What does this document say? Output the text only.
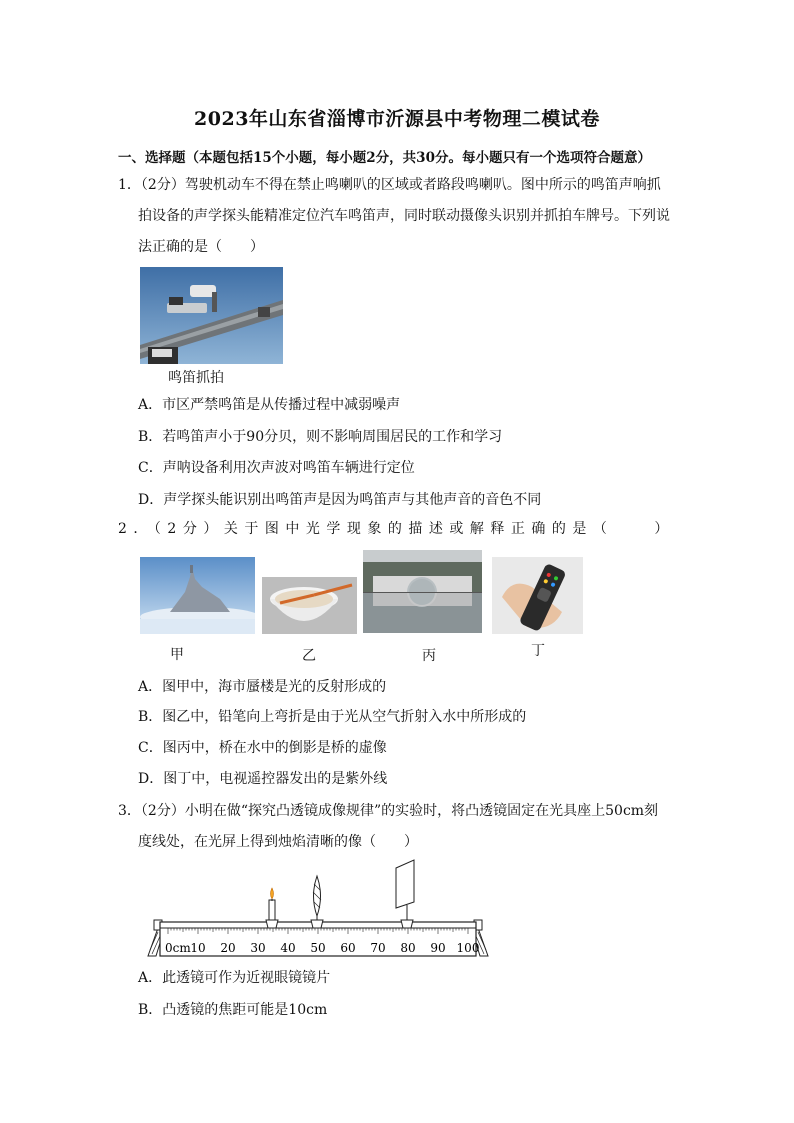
2023年山东省淄博市沂源县中考物理二模试卷
一、选择题（本题包括15个小题，每小题2分，共30分。每小题只有一个选项符合题意）
1．（2分）驾驶机动车不得在禁止鸣喇叭的区域或者路段鸣喇叭。图中所示的鸣笛声响抓
拍设备的声学探头能精准定位汽车鸣笛声，同时联动摄像头识别并抓拍车牌号。下列说
法正确的是（　　）
鸣笛抓拍
A．市区严禁鸣笛是从传播过程中减弱噪声
B．若鸣笛声小于90分贝，则不影响周围居民的工作和学习
C．声呐设备利用次声波对鸣笛车辆进行定位
D．声学探头能识别出鸣笛声是因为鸣笛声与其他声音的音色不同
2．（2分）关于图中光学现象的描述或解释正确的是（　　）
甲	乙	丙	丁
A．图甲中，海市蜃楼是光的反射形成的
B．图乙中，铅笔向上弯折是由于光从空气折射入水中所形成的
C．图丙中，桥在水中的倒影是桥的虚像
D．图丁中，电视遥控器发出的是紫外线
3．（2分）小明在做“探究凸透镜成像规律”的实验时，将凸透镜固定在光具座上50cm刻
度线处，在光屏上得到烛焰清晰的像（　　）
0cm 10 20 30 40 50 60 70 80 90 100
A．此透镜可作为近视眼镜镜片
B．凸透镜的焦距可能是10cm
